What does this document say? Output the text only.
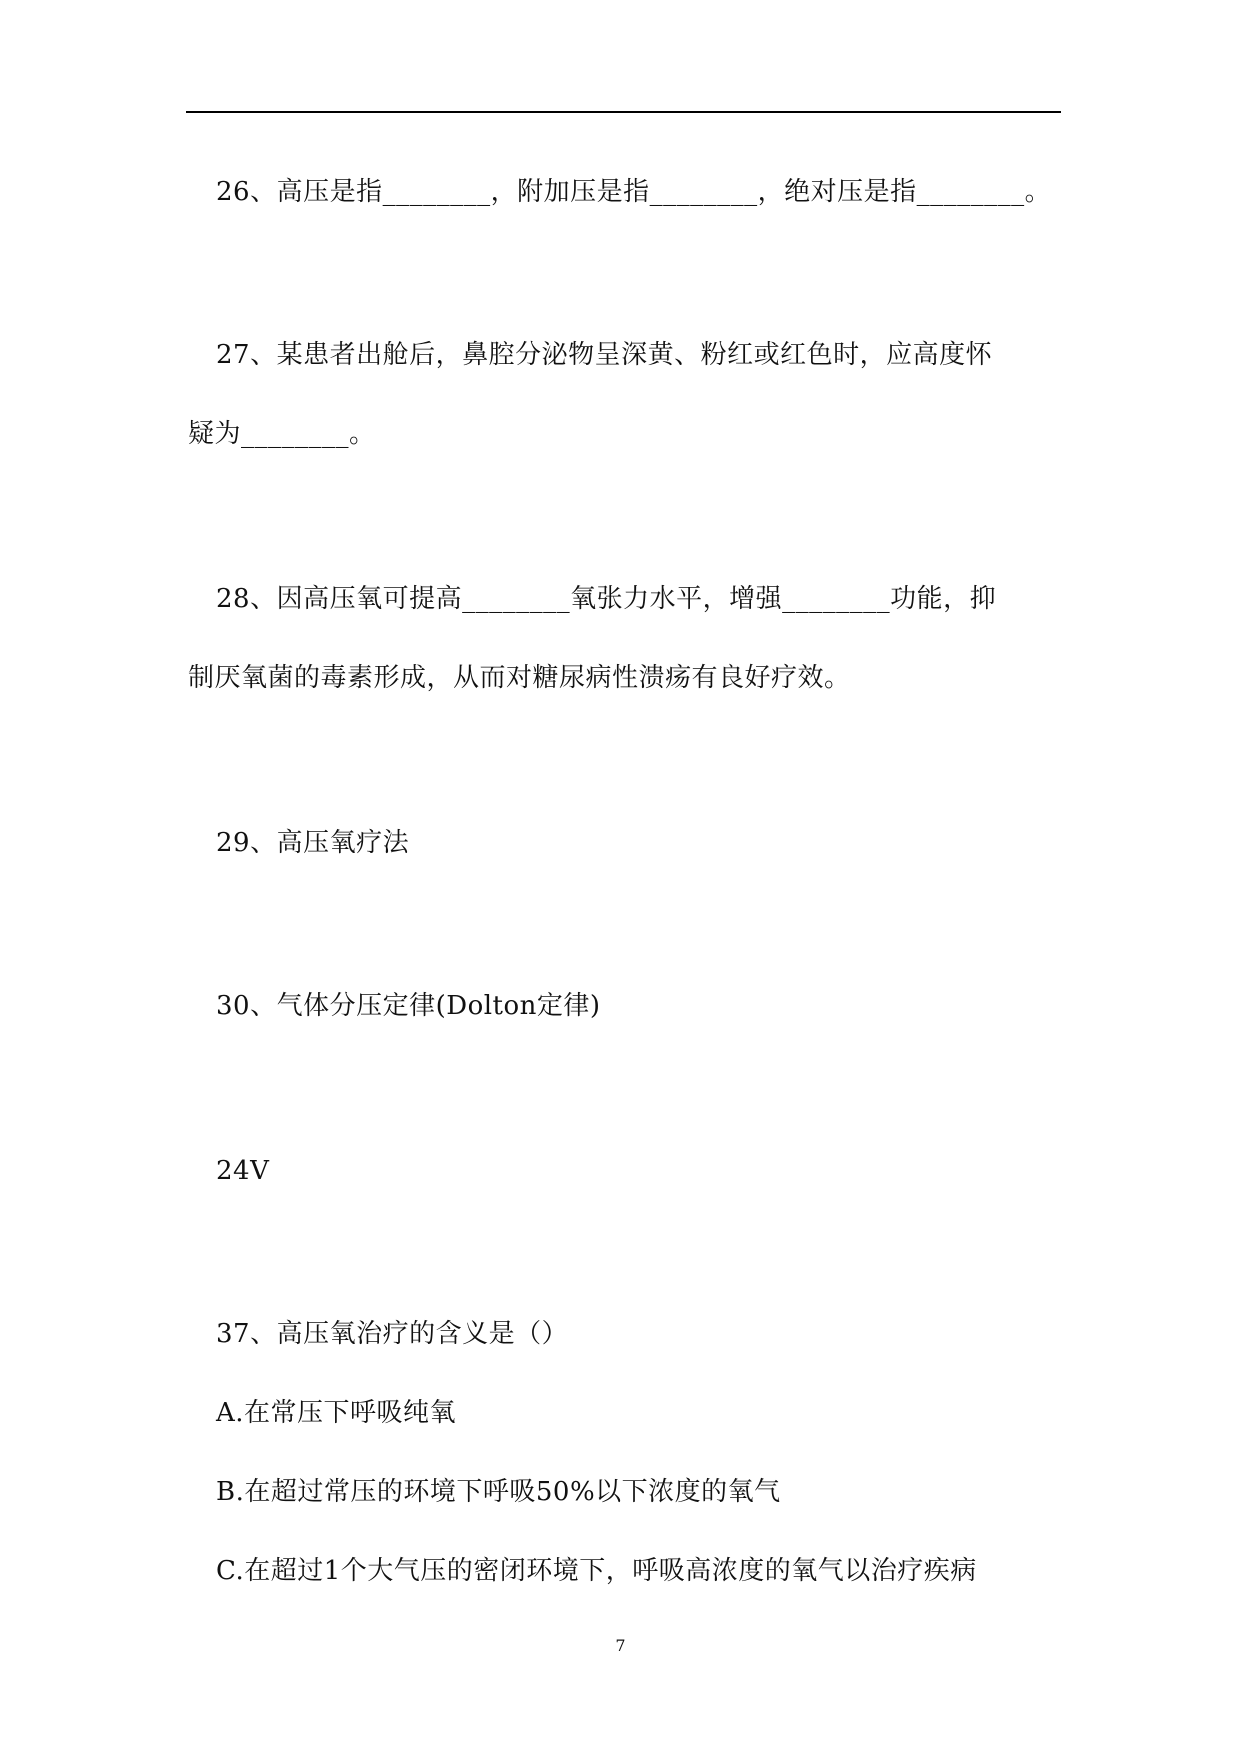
26、高压是指________，附加压是指________，绝对压是指________。
27、某患者出舱后，鼻腔分泌物呈深黄、粉红或红色时，应高度怀
疑为________。
28、因高压氧可提高________氧张力水平，增强________功能，抑
制厌氧菌的毒素形成，从而对糖尿病性溃疡有良好疗效。
29、高压氧疗法
30、气体分压定律(Dolton定律)
24V
37、高压氧治疗的含义是（）
A.在常压下呼吸纯氧
B.在超过常压的环境下呼吸50%以下浓度的氧气
C.在超过1个大气压的密闭环境下，呼吸高浓度的氧气以治疗疾病
7
